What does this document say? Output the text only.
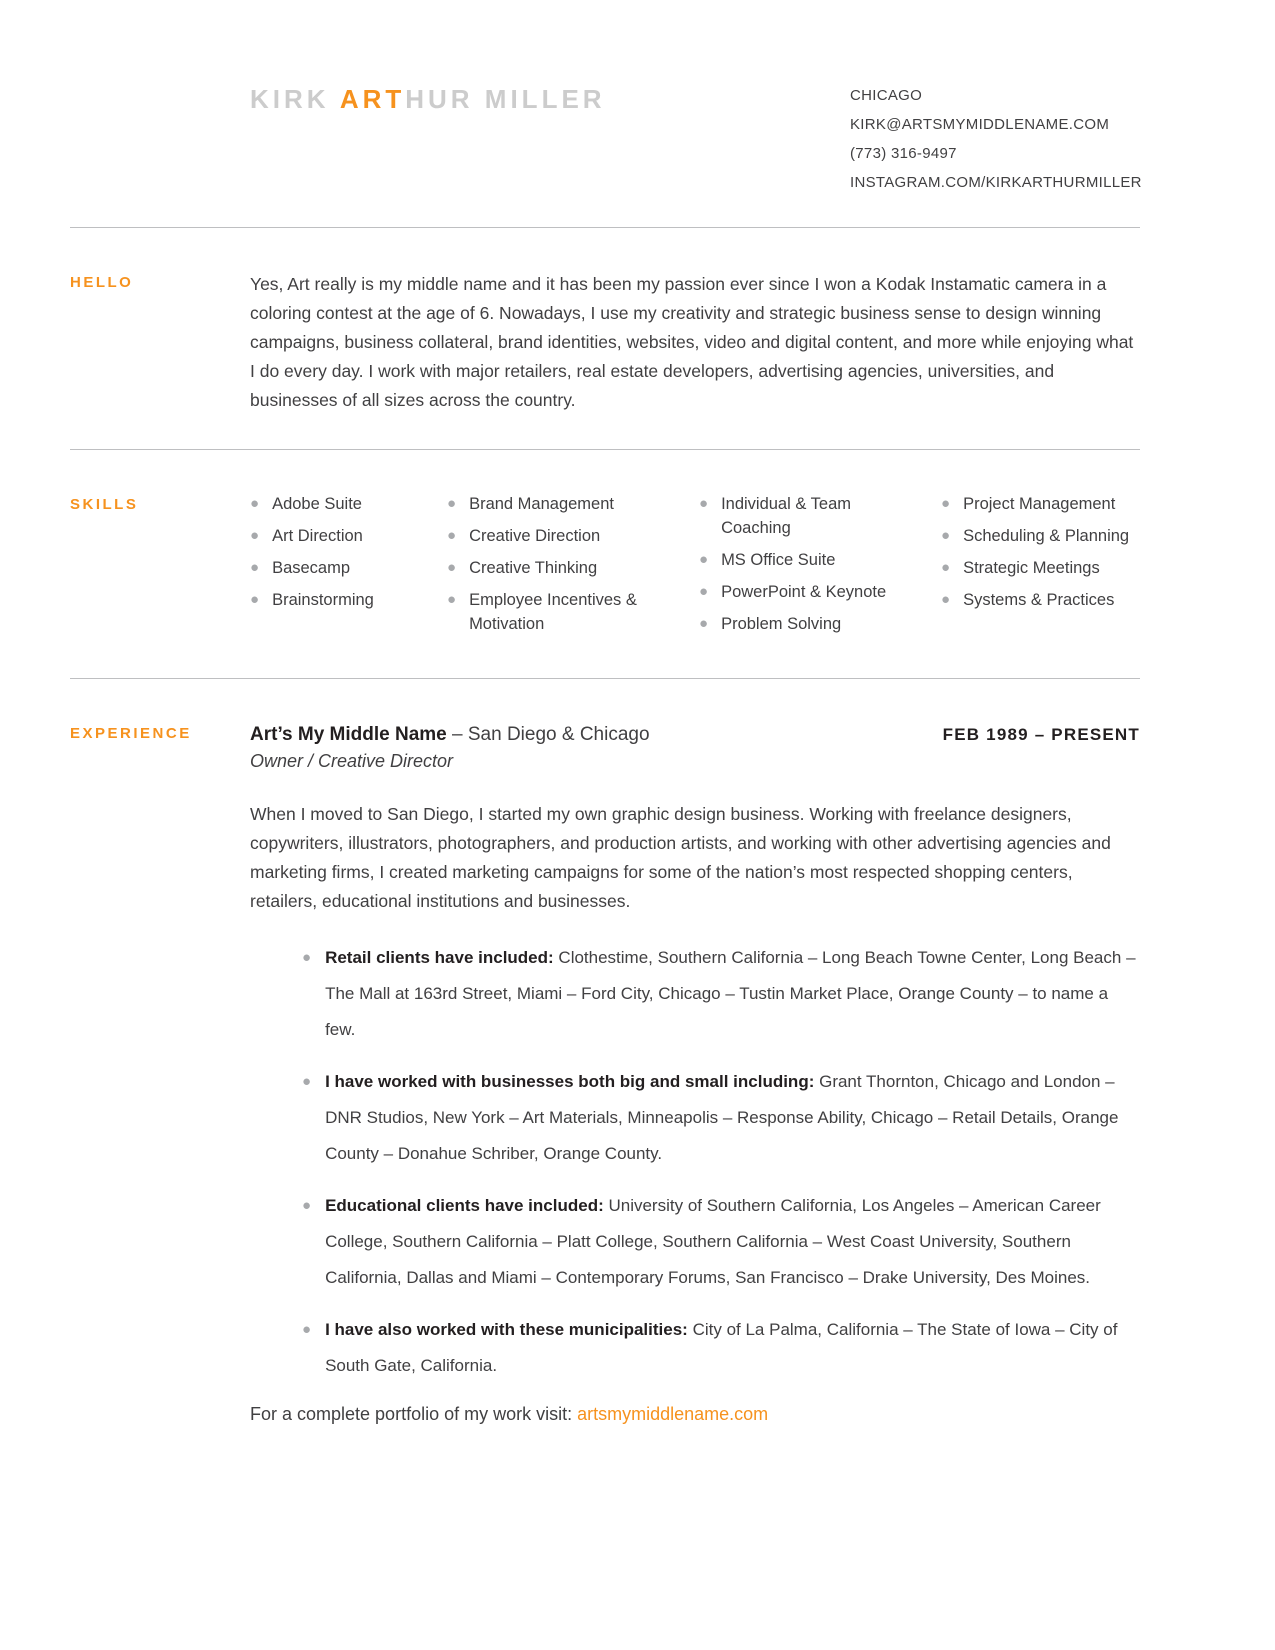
KIRK ARTHUR MILLER	CHICAGO
KIRK@ARTSMYMIDDLENAME.COM
(773) 316-9497
INSTAGRAM.COM/KIRKARTHURMILLER
HELLO	Yes, Art really is my middle name and it has been my passion ever since I won a Kodak Instamatic camera in a coloring contest at the age of 6. Nowadays, I use my creativity and strategic business sense to design winning campaigns, business collateral, brand identities, websites, video and digital content, and more while enjoying what I do every day. I work with major retailers, real estate developers, advertising agencies, universities, and businesses of all sizes across the country.

SKILLS	● Adobe Suite
● Art Direction
● Basecamp
● Brainstorming
● Brand Management
● Creative Direction
● Creative Thinking
● Employee Incentives & Motivation
● Individual & Team Coaching
● MS Office Suite
● PowerPoint & Keynote
● Problem Solving
● Project Management
● Scheduling & Planning
● Strategic Meetings
● Systems & Practices
EXPERIENCE	Art’s My Middle Name – San Diego & Chicago	FEB 1989 – PRESENT
Owner / Creative Director

When I moved to San Diego, I started my own graphic design business. Working with freelance designers, copywriters, illustrators, photographers, and production artists, and working with other advertising agencies and marketing firms, I created marketing campaigns for some of the nation’s most respected shopping centers, retailers, educational institutions and businesses.

● Retail clients have included: Clothestime, Southern California – Long Beach Towne Center, Long Beach – The Mall at 163rd Street, Miami – Ford City, Chicago – Tustin Market Place, Orange County – to name a few.
● I have worked with businesses both big and small including: Grant Thornton, Chicago and London – DNR Studios, New York – Art Materials, Minneapolis – Response Ability, Chicago – Retail Details, Orange County – Donahue Schriber, Orange County.
● Educational clients have included: University of Southern California, Los Angeles – American Career College, Southern California – Platt College, Southern California – West Coast University, Southern California, Dallas and Miami – Contemporary Forums, San Francisco – Drake University, Des Moines.
● I have also worked with these municipalities: City of La Palma, California – The State of Iowa – City of South Gate, California.

For a complete portfolio of my work visit: artsmymiddlename.com
